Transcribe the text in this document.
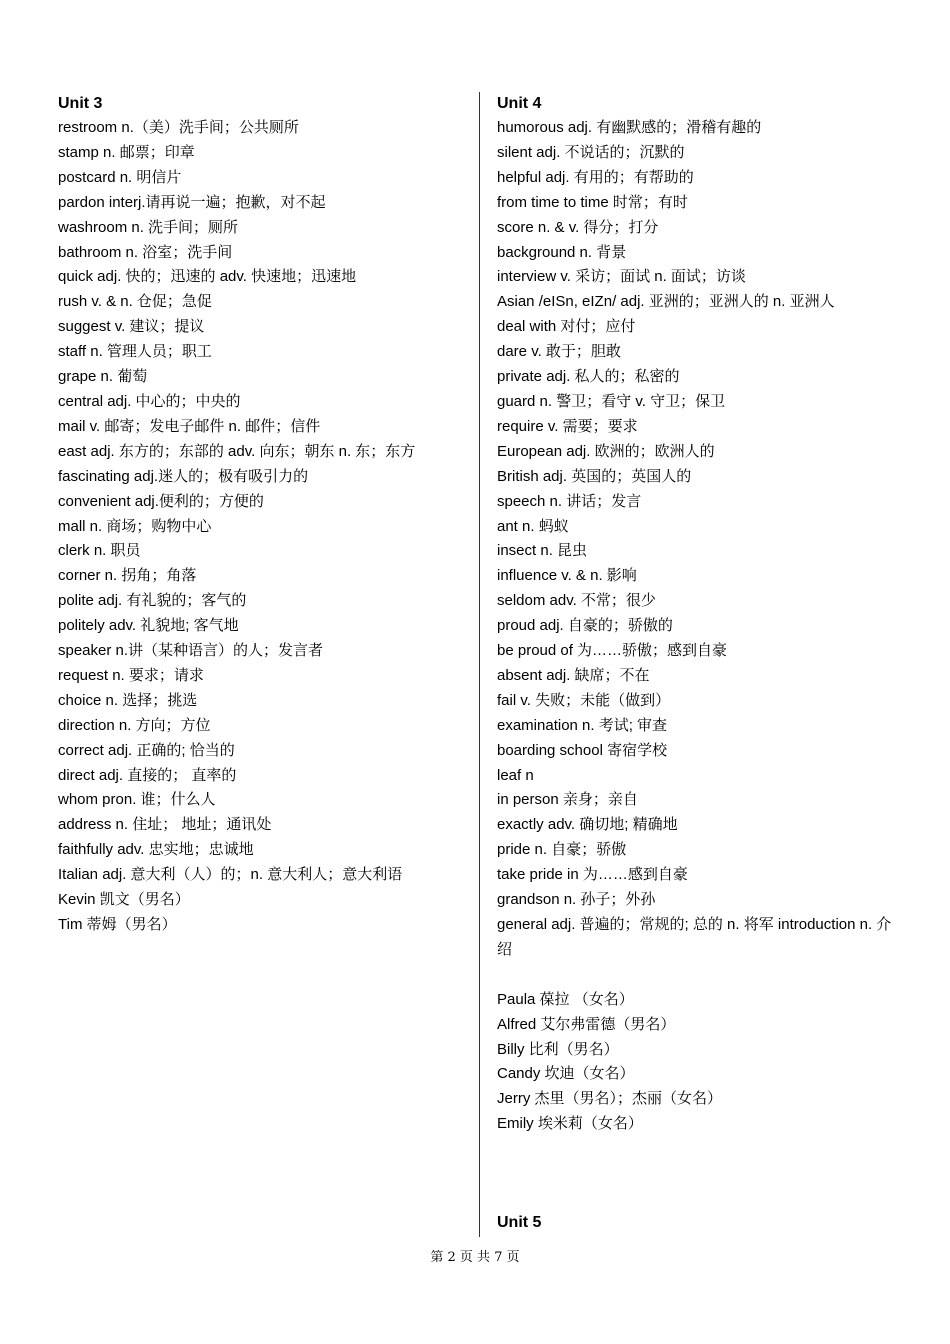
Unit 3
restroom n.（美）洗手间；公共厕所
stamp n. 邮票；印章
postcard n. 明信片
pardon interj.请再说一遍；抱歉，对不起
washroom n. 洗手间；厕所
bathroom n. 浴室；洗手间
quick adj. 快的；迅速的 adv. 快速地；迅速地
rush v. & n. 仓促；急促
suggest v. 建议；提议
staff n. 管理人员；职工
grape n. 葡萄
central adj. 中心的；中央的
mail v. 邮寄；发电子邮件 n. 邮件；信件
east adj. 东方的；东部的 adv. 向东；朝东 n. 东；东方
fascinating adj.迷人的；极有吸引力的
convenient adj.便利的；方便的
mall n. 商场；购物中心
clerk n. 职员
corner n. 拐角；角落
polite adj. 有礼貌的；客气的
politely adv. 礼貌地; 客气地
speaker n.讲（某种语言）的人；发言者
request n. 要求；请求
choice n. 选择；挑选
direction n. 方向；方位
correct adj. 正确的; 恰当的
direct adj. 直接的； 直率的
whom pron. 谁；什么人
address n. 住址； 地址；通讯处
faithfully adv. 忠实地；忠诚地
Italian adj. 意大利（人）的；n. 意大利人；意大利语
Kevin 凯文（男名）
Tim 蒂姆（男名）
Unit 4
humorous adj. 有幽默感的；滑稽有趣的
silent adj. 不说话的；沉默的
helpful adj. 有用的；有帮助的
from time to time 时常；有时
score n. & v. 得分；打分
background n. 背景
interview v. 采访；面试 n. 面试；访谈
Asian /eISn, eIZn/ adj. 亚洲的；亚洲人的 n. 亚洲人
deal with 对付；应付
dare v. 敢于；胆敢
private adj. 私人的；私密的
guard n. 警卫；看守 v. 守卫；保卫
require v. 需要；要求
European adj. 欧洲的；欧洲人的
British adj. 英国的；英国人的
speech n. 讲话；发言
ant n. 蚂蚁
insect n. 昆虫
influence v. & n. 影响
seldom adv. 不常；很少
proud adj. 自豪的；骄傲的
be proud of 为……骄傲；感到自豪
absent adj. 缺席；不在
fail v. 失败；未能（做到）
examination n. 考试; 审查
boarding school 寄宿学校
leaf n
in person 亲身；亲自
exactly adv. 确切地; 精确地
pride n. 自豪；骄傲
take pride in 为……感到自豪
grandson n. 孙子；外孙
general adj. 普遍的；常规的; 总的 n. 将军 introduction n. 介绍
Paula 葆拉 （女名）
Alfred 艾尔弗雷德（男名）
Billy 比利（男名）
Candy 坎迪（女名）
Jerry 杰里（男名）；杰丽（女名）
Emily 埃米莉（女名）
Unit 5
第 2 页 共 7 页
